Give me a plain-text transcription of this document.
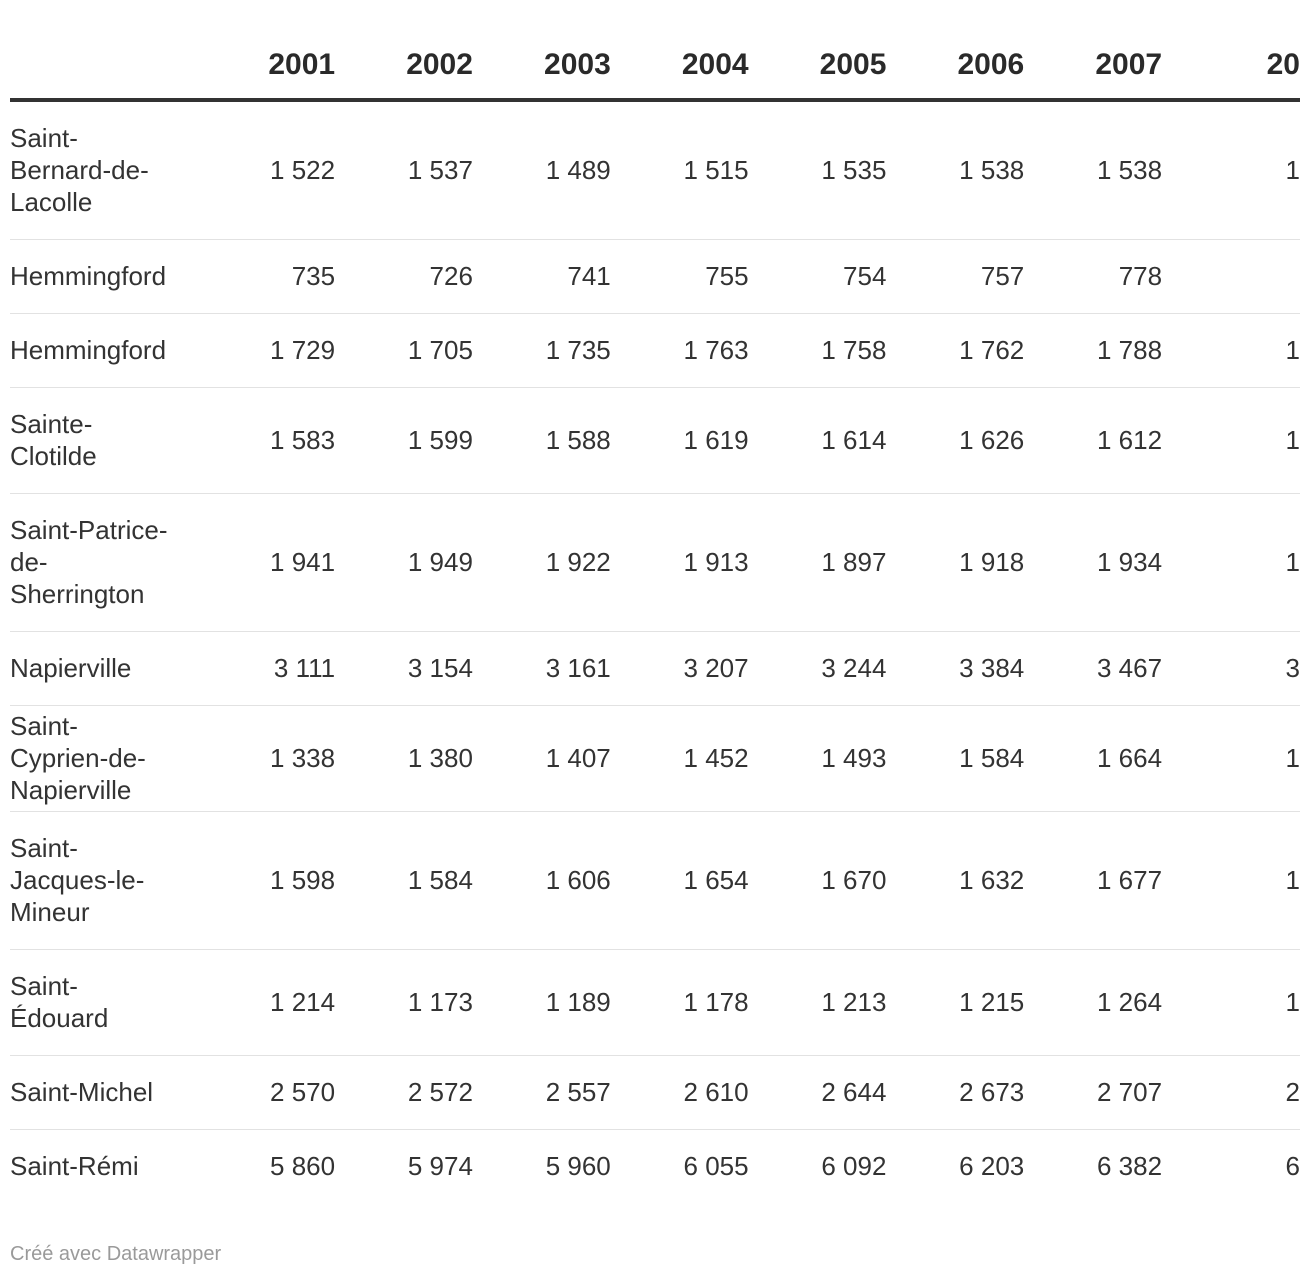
	2001	2002	2003	2004	2005	2006	2007	20
Saint-Bernard-de-Lacolle	1 522	1 537	1 489	1 515	1 535	1 538	1 538	1
Hemmingford	735	726	741	755	754	757	778	
Hemmingford	1 729	1 705	1 735	1 763	1 758	1 762	1 788	1
Sainte-Clotilde	1 583	1 599	1 588	1 619	1 614	1 626	1 612	1
Saint-Patrice-de-Sherrington	1 941	1 949	1 922	1 913	1 897	1 918	1 934	1
Napierville	3 111	3 154	3 161	3 207	3 244	3 384	3 467	3
Saint-Cyprien-de-Napierville	1 338	1 380	1 407	1 452	1 493	1 584	1 664	1
Saint-Jacques-le-Mineur	1 598	1 584	1 606	1 654	1 670	1 632	1 677	1
Saint-Édouard	1 214	1 173	1 189	1 178	1 213	1 215	1 264	1
Saint-Michel	2 570	2 572	2 557	2 610	2 644	2 673	2 707	2
Saint-Rémi	5 860	5 974	5 960	6 055	6 092	6 203	6 382	6
Créé avec Datawrapper
